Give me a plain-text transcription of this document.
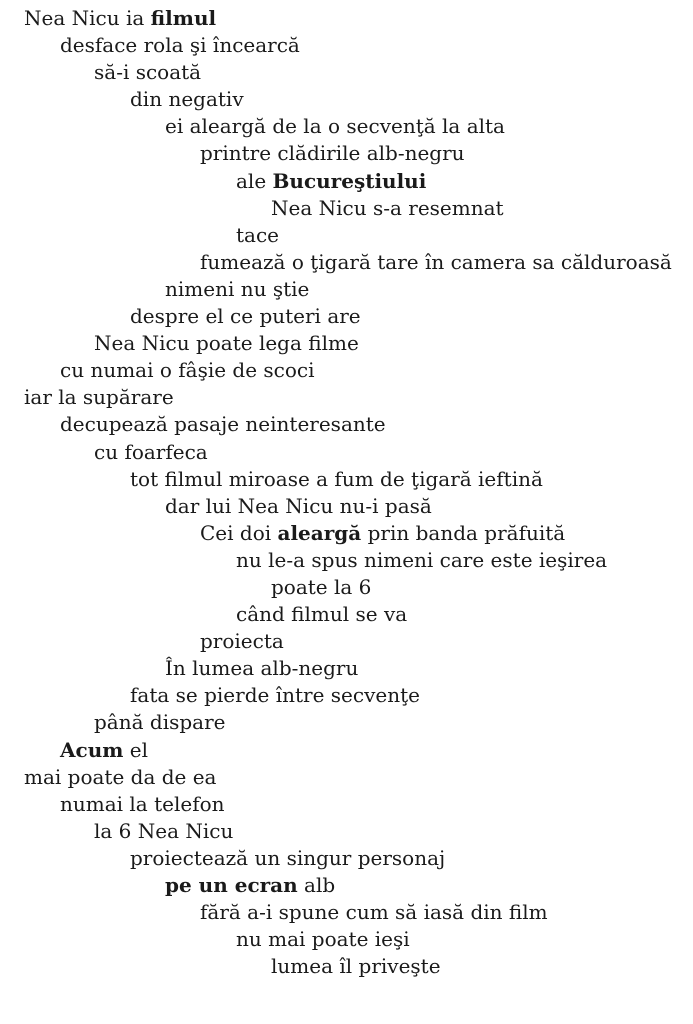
Nea Nicu ia filmul
desface rola şi încearcă
să-i scoată
din negativ
ei aleargă de la o secvenţă la alta
printre clădirile alb-negru
ale Bucureştiului
Nea Nicu s-a resemnat
tace
fumează o ţigară tare în camera sa călduroasă
nimeni nu ştie
despre el ce puteri are
Nea Nicu poate lega filme
cu numai o fâşie de scoci
iar la supărare
decupează pasaje neinteresante
cu foarfeca
tot filmul miroase a fum de ţigară ieftină
dar lui Nea Nicu nu-i pasă
Cei doi aleargă prin banda prăfuită
nu le-a spus nimeni care este ieşirea
poate la 6
când filmul se va
proiecta
În lumea alb-negru
fata se pierde între secvenţe
până dispare
Acum el
mai poate da de ea
numai la telefon
la 6 Nea Nicu
proiectează un singur personaj
pe un ecran alb
fără a-i spune cum să iasă din film
nu mai poate ieşi
lumea îl priveşte
